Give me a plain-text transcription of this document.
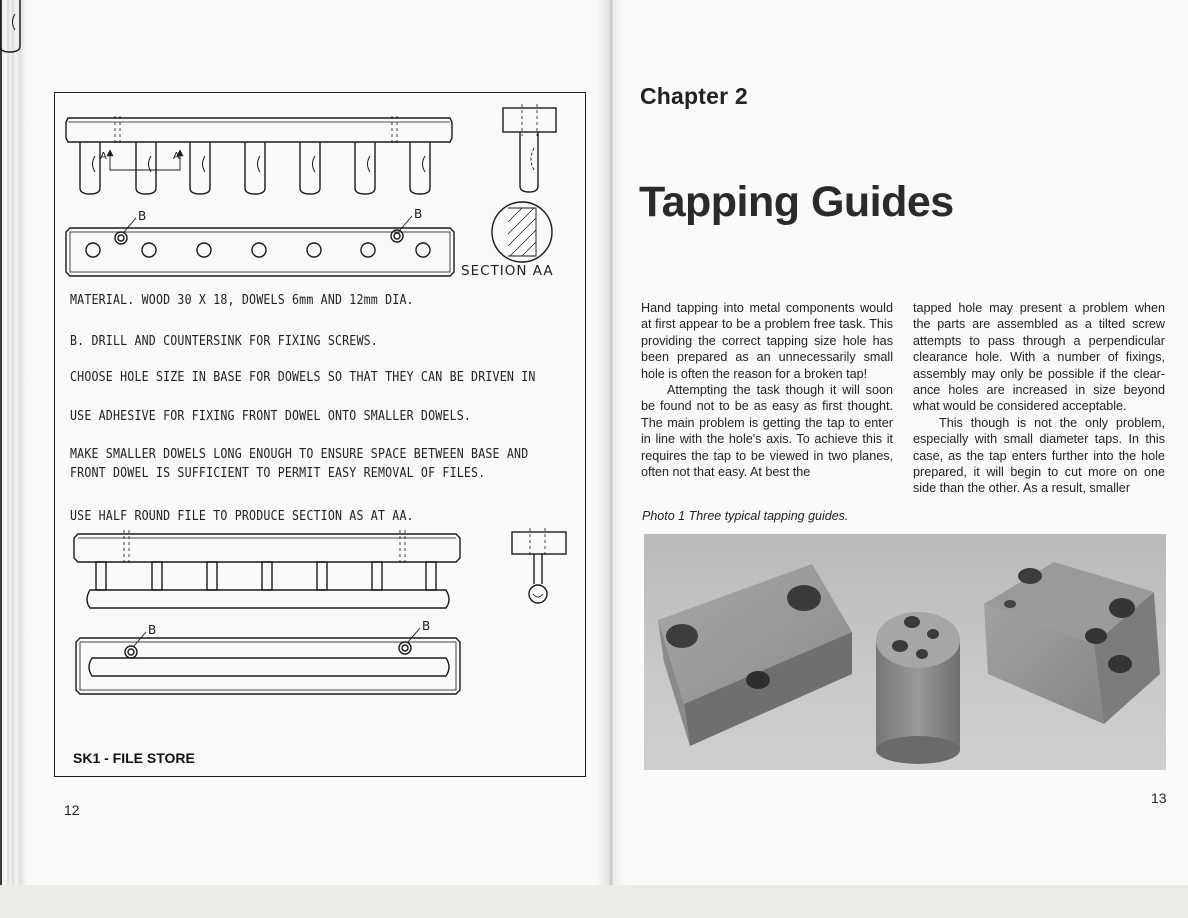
A	A
B	B
B	B
SECTION AA
MATERIAL. WOOD 30 X 18, DOWELS 6mm AND 12mm DIA.
B. DRILL AND COUNTERSINK FOR FIXING SCREWS.
CHOOSE HOLE SIZE IN BASE FOR DOWELS SO THAT THEY CAN BE DRIVEN IN
USE ADHESIVE FOR FIXING FRONT DOWEL ONTO SMALLER DOWELS.
MAKE SMALLER DOWELS LONG ENOUGH TO ENSURE SPACE BETWEEN BASE AND
FRONT DOWEL IS SUFFICIENT TO PERMIT EASY REMOVAL OF FILES.
USE HALF ROUND FILE TO PRODUCE SECTION AS AT AA.
SK1 - FILE STORE
12
Chapter 2
Tapping Guides

Hand tapping into metal components would at first appear to be a problem free task. This providing the correct tapping size hole has been prepared as an unnecessarily small hole is often the reason for a broken tap!

Attempting the task though it will soon be found not to be as easy as first thought. The main problem is getting the tap to enter in line with the hole's axis. To achieve this it requires the tap to be viewed in two planes, often not that easy. At best the

tapped hole may present a problem when the parts are assembled as a tilted screw attempts to pass through a perpendicular clearance hole. With a number of fixings, assembly may only be possible if the clear-ance holes are increased in size beyond what would be considered acceptable.

This though is not the only problem, especially with small diameter taps. In this case, as the tap enters further into the hole prepared, it will begin to cut more on one side than the other. As a result, smaller

Photo 1 Three typical tapping guides.
13
